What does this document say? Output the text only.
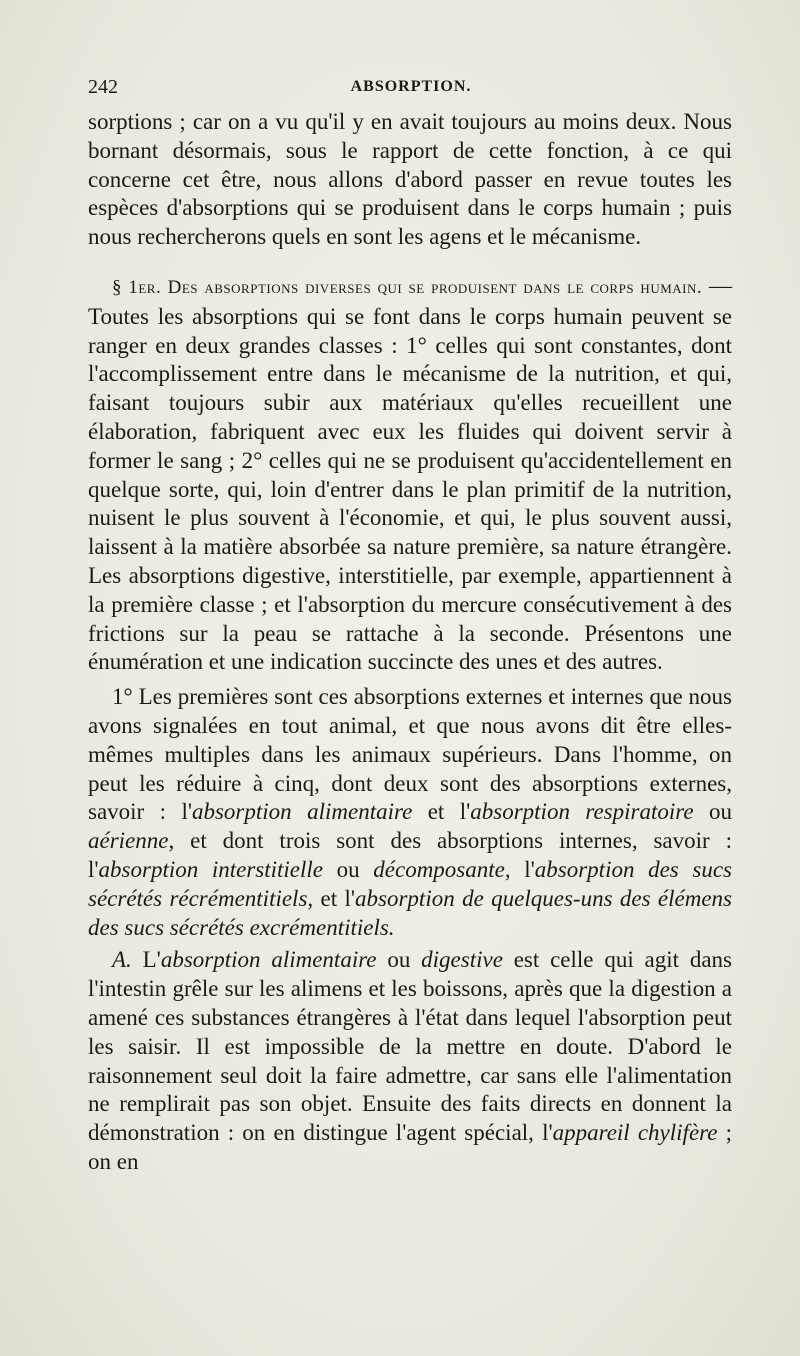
242	ABSORPTION.

sorptions ; car on a vu qu'il y en avait toujours au moins deux. Nous bornant désormais, sous le rapport de cette fonction, à ce qui concerne cet être, nous allons d'abord passer en revue toutes les espèces d'absorptions qui se produisent dans le corps humain ; puis nous rechercherons quels en sont les agens et le mécanisme.

§ 1er. Des absorptions diverses qui se produisent dans le corps humain. — Toutes les absorptions qui se font dans le corps humain peuvent se ranger en deux grandes classes : 1° celles qui sont constantes, dont l'accomplissement entre dans le mécanisme de la nutrition, et qui, faisant toujours subir aux matériaux qu'elles recueillent une élaboration, fabriquent avec eux les fluides qui doivent servir à former le sang ; 2° celles qui ne se produisent qu'accidentellement en quelque sorte, qui, loin d'entrer dans le plan primitif de la nutrition, nuisent le plus souvent à l'économie, et qui, le plus souvent aussi, laissent à la matière absorbée sa nature première, sa nature étrangère. Les absorptions digestive, interstitielle, par exemple, appartiennent à la première classe ; et l'absorption du mercure consécutivement à des frictions sur la peau se rattache à la seconde. Présentons une énumération et une indication succincte des unes et des autres.

1° Les premières sont ces absorptions externes et internes que nous avons signalées en tout animal, et que nous avons dit être elles-mêmes multiples dans les animaux supérieurs. Dans l'homme, on peut les réduire à cinq, dont deux sont des absorptions externes, savoir : l'absorption alimentaire et l'absorption respiratoire ou aérienne, et dont trois sont des absorptions internes, savoir : l'absorption interstitielle ou décomposante, l'absorption des sucs sécrétés récrémentitiels, et l'absorption de quelques-uns des élémens des sucs sécrétés excrémentitiels.

A. L'absorption alimentaire ou digestive est celle qui agit dans l'intestin grêle sur les alimens et les boissons, après que la digestion a amené ces substances étrangères à l'état dans lequel l'absorption peut les saisir. Il est impossible de la mettre en doute. D'abord le raisonnement seul doit la faire admettre, car sans elle l'alimentation ne remplirait pas son objet. Ensuite des faits directs en donnent la démonstration : on en distingue l'agent spécial, l'appareil chylifère ; on en
